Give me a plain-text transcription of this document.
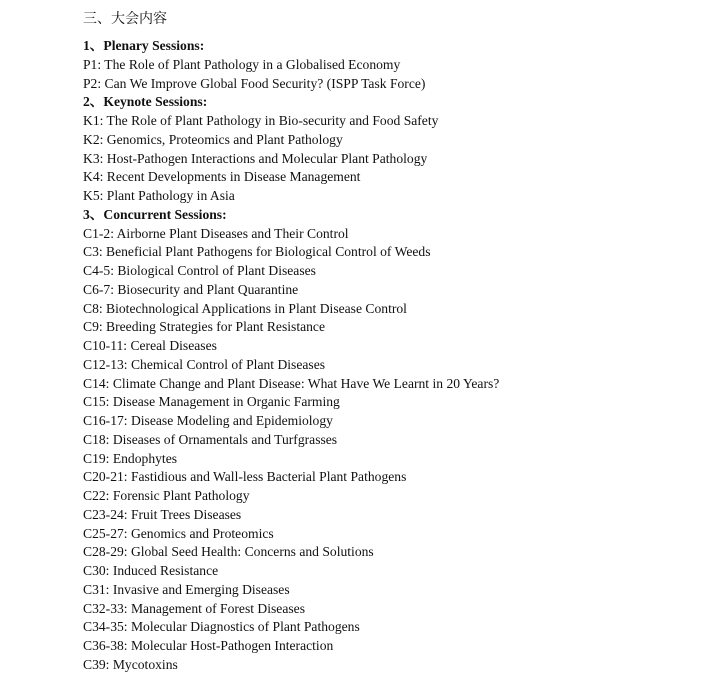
三、大会内容
1、Plenary Sessions:
P1: The Role of Plant Pathology in a Globalised Economy
P2: Can We Improve Global Food Security? (ISPP Task Force)
2、Keynote Sessions:
K1: The Role of Plant Pathology in Bio-security and Food Safety
K2: Genomics, Proteomics and Plant Pathology
K3: Host-Pathogen Interactions and Molecular Plant Pathology
K4: Recent Developments in Disease Management
K5: Plant Pathology in Asia
3、Concurrent Sessions:
C1-2: Airborne Plant Diseases and Their Control
C3: Beneficial Plant Pathogens for Biological Control of Weeds
C4-5: Biological Control of Plant Diseases
C6-7: Biosecurity and Plant Quarantine
C8: Biotechnological Applications in Plant Disease Control
C9: Breeding Strategies for Plant Resistance
C10-11: Cereal Diseases
C12-13: Chemical Control of Plant Diseases
C14: Climate Change and Plant Disease: What Have We Learnt in 20 Years?
C15: Disease Management in Organic Farming
C16-17: Disease Modeling and Epidemiology
C18: Diseases of Ornamentals and Turfgrasses
C19: Endophytes
C20-21: Fastidious and Wall-less Bacterial Plant Pathogens
C22: Forensic Plant Pathology
C23-24: Fruit Trees Diseases
C25-27: Genomics and Proteomics
C28-29: Global Seed Health: Concerns and Solutions
C30: Induced Resistance
C31: Invasive and Emerging Diseases
C32-33: Management of Forest Diseases
C34-35: Molecular Diagnostics of Plant Pathogens
C36-38: Molecular Host-Pathogen Interaction
C39: Mycotoxins
